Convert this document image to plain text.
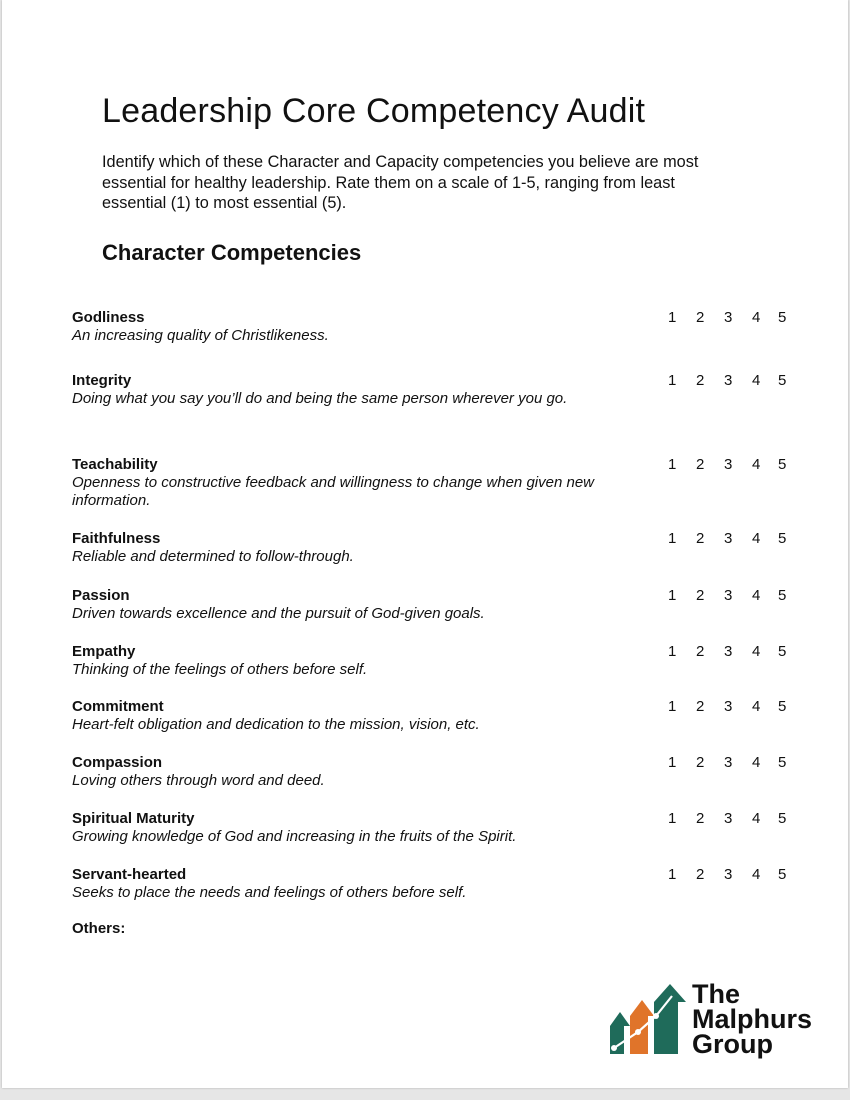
Leadership Core Competency Audit
Identify which of these Character and Capacity competencies you believe are most essential for healthy leadership. Rate them on a scale of 1-5, ranging from least essential (1) to most essential (5).
Character Competencies
Godliness
An increasing quality of Christlikeness.
1	2	3	4	5
Integrity
Doing what you say you’ll do and being the same person wherever you go.
1	2	3	4	5
Teachability
Openness to constructive feedback and willingness to change when given new information.
1	2	3	4	5
Faithfulness
Reliable and determined to follow-through.
1	2	3	4	5
Passion
Driven towards excellence and the pursuit of God-given goals.
1	2	3	4	5
Empathy
Thinking of the feelings of others before self.
1	2	3	4	5
Commitment
Heart-felt obligation and dedication to the mission, vision, etc.
1	2	3	4	5
Compassion
Loving others through word and deed.
1	2	3	4	5
Spiritual Maturity
Growing knowledge of God and increasing in the fruits of the Spirit.
1	2	3	4	5
Servant-hearted
Seeks to place the needs and feelings of others before self.
1	2	3	4	5
Others:
The
Malphurs
Group
